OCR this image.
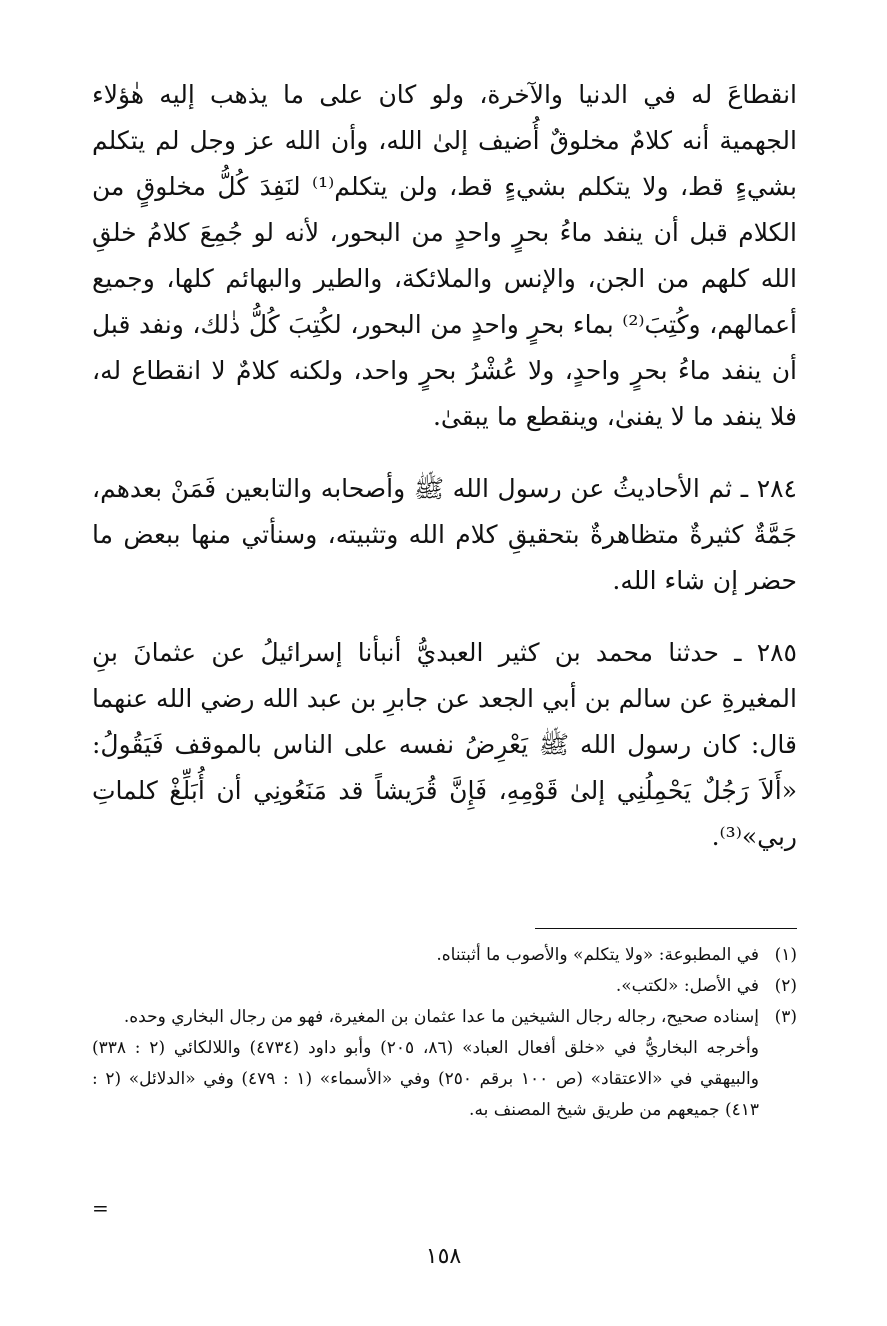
انقطاعَ له في الدنيا والآخرة، ولو كان على ما يذهب إليه هٰؤلاء الجهمية أنه كلامٌ مخلوقٌ أُضيف إلىٰ الله، وأن الله عز وجل لم يتكلم بشيءٍ قط، ولا يتكلم بشيءٍ قط، ولن يتكلم⁽¹⁾ لنَفِدَ كُلُّ مخلوقٍ من الكلام قبل أن ينفد ماءُ بحرٍ واحدٍ من البحور، لأنه لو جُمِعَ كلامُ خلقِ الله كلهم من الجن، والإنس والملائكة، والطير والبهائم كلها، وجميع أعمالهم، وكُتِبَ⁽²⁾ بماء بحرٍ واحدٍ من البحور، لكُتِبَ كُلُّ ذٰلك، ونفد قبل أن ينفد ماءُ بحرٍ واحدٍ، ولا عُشْرُ بحرٍ واحد، ولكنه كلامٌ لا انقطاع له، فلا ينفد ما لا يفنىٰ، وينقطع ما يبقىٰ.

٢٨٤ ـ ثم الأحاديثُ عن رسول الله ﷺ وأصحابه والتابعين فَمَنْ بعدهم، جَمَّةٌ كثيرةٌ متظاهرةٌ بتحقيقِ كلام الله وتثبيته، وسنأتي منها ببعض ما حضر إن شاء الله.

٢٨٥ ـ حدثنا محمد بن كثير العبديُّ أنبأنا إسرائيلُ عن عثمانَ بنِ المغيرةِ عن سالم بن أبي الجعد عن جابرِ بن عبد الله رضي الله عنهما قال: كان رسول الله ﷺ يَعْرِضُ نفسه على الناس بالموقف فَيَقُولُ: «أَلاَ رَجُلٌ يَحْمِلُنِي إلىٰ قَوْمِهِ، فَإِنَّ قُرَيشاً قد مَنَعُونِي أن أُبَلِّغْ كلماتِ ربي»⁽³⁾.

(١)
في المطبوعة: «ولا يتكلم» والأصوب ما أثبتناه.
(٢)
في الأصل: «لكتب».
(٣)
إسناده صحيح، رجاله رجال الشيخين ما عدا عثمان بن المغيرة، فهو من رجال البخاري وحده.
وأخرجه البخاريُّ في «خلق أفعال العباد» (٨٦، ٢٠٥) وأبو داود (٤٧٣٤) واللالكائي (٢ : ٣٣٨) والبيهقي في «الاعتقاد» (ص ١٠٠ برقم ٢٥٠) وفي «الأسماء» (١ : ٤٧٩) وفي «الدلائل» (٢ : ٤١٣) جميعهم من طريق شيخ المصنف به.
=
١٥٨
